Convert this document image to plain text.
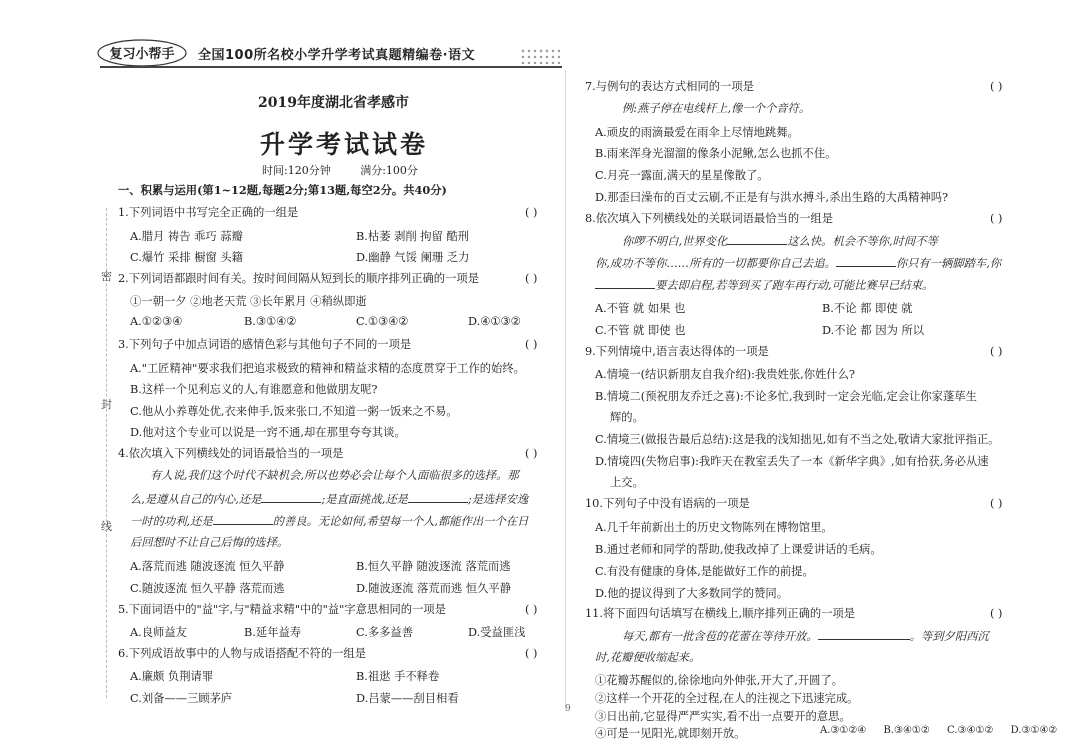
复习小帮手 全国100所名校小学升学考试真题精编卷·语文
2019年度湖北省孝感市
升学考试试卷
时间:120分钟	满分:100分
密
封
线
一、积累与运用(第1~12题,每题2分;第13题,每空2分。共40分)
1.下列词语中书写完全正确的一组是	( )
A.腊月 祷告 乖巧 蒜瓣	B.枯萎 剥削 拘留 酷刑
C.爆竹 采排 橱窗 头籍	D.幽静 气馁 阑珊 乏力
2.下列词语都跟时间有关。按时间间隔从短到长的顺序排列正确的一项是	( )
①一朝一夕 ②地老天荒 ③长年累月 ④稍纵即逝
A.①②③④	B.③①④②	C.①③④②	D.④①③②
3.下列句子中加点词语的感情色彩与其他句子不同的一项是	( )
A."工匠精神"要求我们把追求极致的精神和精益求精的态度贯穿于工作的始终。
B.这样一个见利忘义的人,有谁愿意和他做朋友呢?
C.他从小养尊处优,衣来伸手,饭来张口,不知道一粥一饭来之不易。
D.他对这个专业可以说是一窍不通,却在那里夸夸其谈。
4.依次填入下列横线处的词语最恰当的一项是	( )
有人说,我们这个时代不缺机会,所以也势必会让每个人面临很多的选择。那
么,是遵从自己的内心,还是	;是直面挑战,还是	;是选择安逸
一时的功利,还是	的善良。无论如何,希望每一个人,都能作出一个在日
后回想时不让自己后悔的选择。
A.落荒而逃 随波逐流 恒久平静	B.恒久平静 随波逐流 落荒而逃
C.随波逐流 恒久平静 落荒而逃	D.随波逐流 落荒而逃 恒久平静
5.下面词语中的"益"字,与"精益求精"中的"益"字意思相同的一项是	( )
A.良师益友	B.延年益寿	C.多多益善	D.受益匪浅
6.下列成语故事中的人物与成语搭配不符的一组是	( )
A.廉颇 负荆请罪	B.祖逖 手不释卷
C.刘备——三顾茅庐	D.吕蒙——刮目相看
7.与例句的表达方式相同的一项是	( )
例:燕子停在电线杆上,像一个个音符。
A.顽皮的雨滴最爱在雨伞上尽情地跳舞。
B.雨来浑身光溜溜的像条小泥鳅,怎么也抓不住。
C.月亮一露面,满天的星星像散了。
D.那歪曰澡布的百丈云刷,不正是有与洪水搏斗,杀出生路的大禹精神吗?
8.依次填入下列横线处的关联词语最恰当的一组是	( )
你啰不明白,世界变化	这么快。机会不等你,时间不等
你,成功不等你……所有的一切都要你自己去追。	你只有一辆脚踏车,你
要去即启程,若等到买了跑车再行动,可能比赛早已结束。
A.不管 就 如果 也	B.不论 都 即使 就
C.不管 就 即使 也	D.不论 都 因为 所以
9.下列情境中,语言表达得体的一项是	( )
A.情境一(结识新朋友自我介绍):我贵姓张,你姓什么?
B.情境二(预祝朋友乔迁之喜):不论多忙,我到时一定会光临,定会让你家蓬荜生
辉的。
C.情境三(做报告最后总结):这是我的浅知拙见,如有不当之处,敬请大家批评指正。
D.情境四(失物启事):我昨天在教室丢失了一本《新华字典》,如有拾获,务必从速
上交。
10.下列句子中没有语病的一项是	( )
A.几千年前新出土的历史文物陈列在博物馆里。
B.通过老师和同学的帮助,使我改掉了上课爱讲话的毛病。
C.有没有健康的身体,是能做好工作的前提。
D.他的提议得到了大多数同学的赞同。
11.将下面四句话填写在横线上,顺序排列正确的一项是	( )
每天,都有一批含苞的花蕾在等待开放。	。等到夕阳西沉
时,花瓣便收缩起来。
①花瓣苏醒似的,徐徐地向外伸张,开大了,开圆了。
②这样一个开花的全过程,在人的注视之下迅速完成。
③日出前,它显得严严实实,看不出一点要开的意思。
④可是一见阳光,就即刻开放。	A.③①②④ B.③④①② C.③④①② D.③①④②
9
